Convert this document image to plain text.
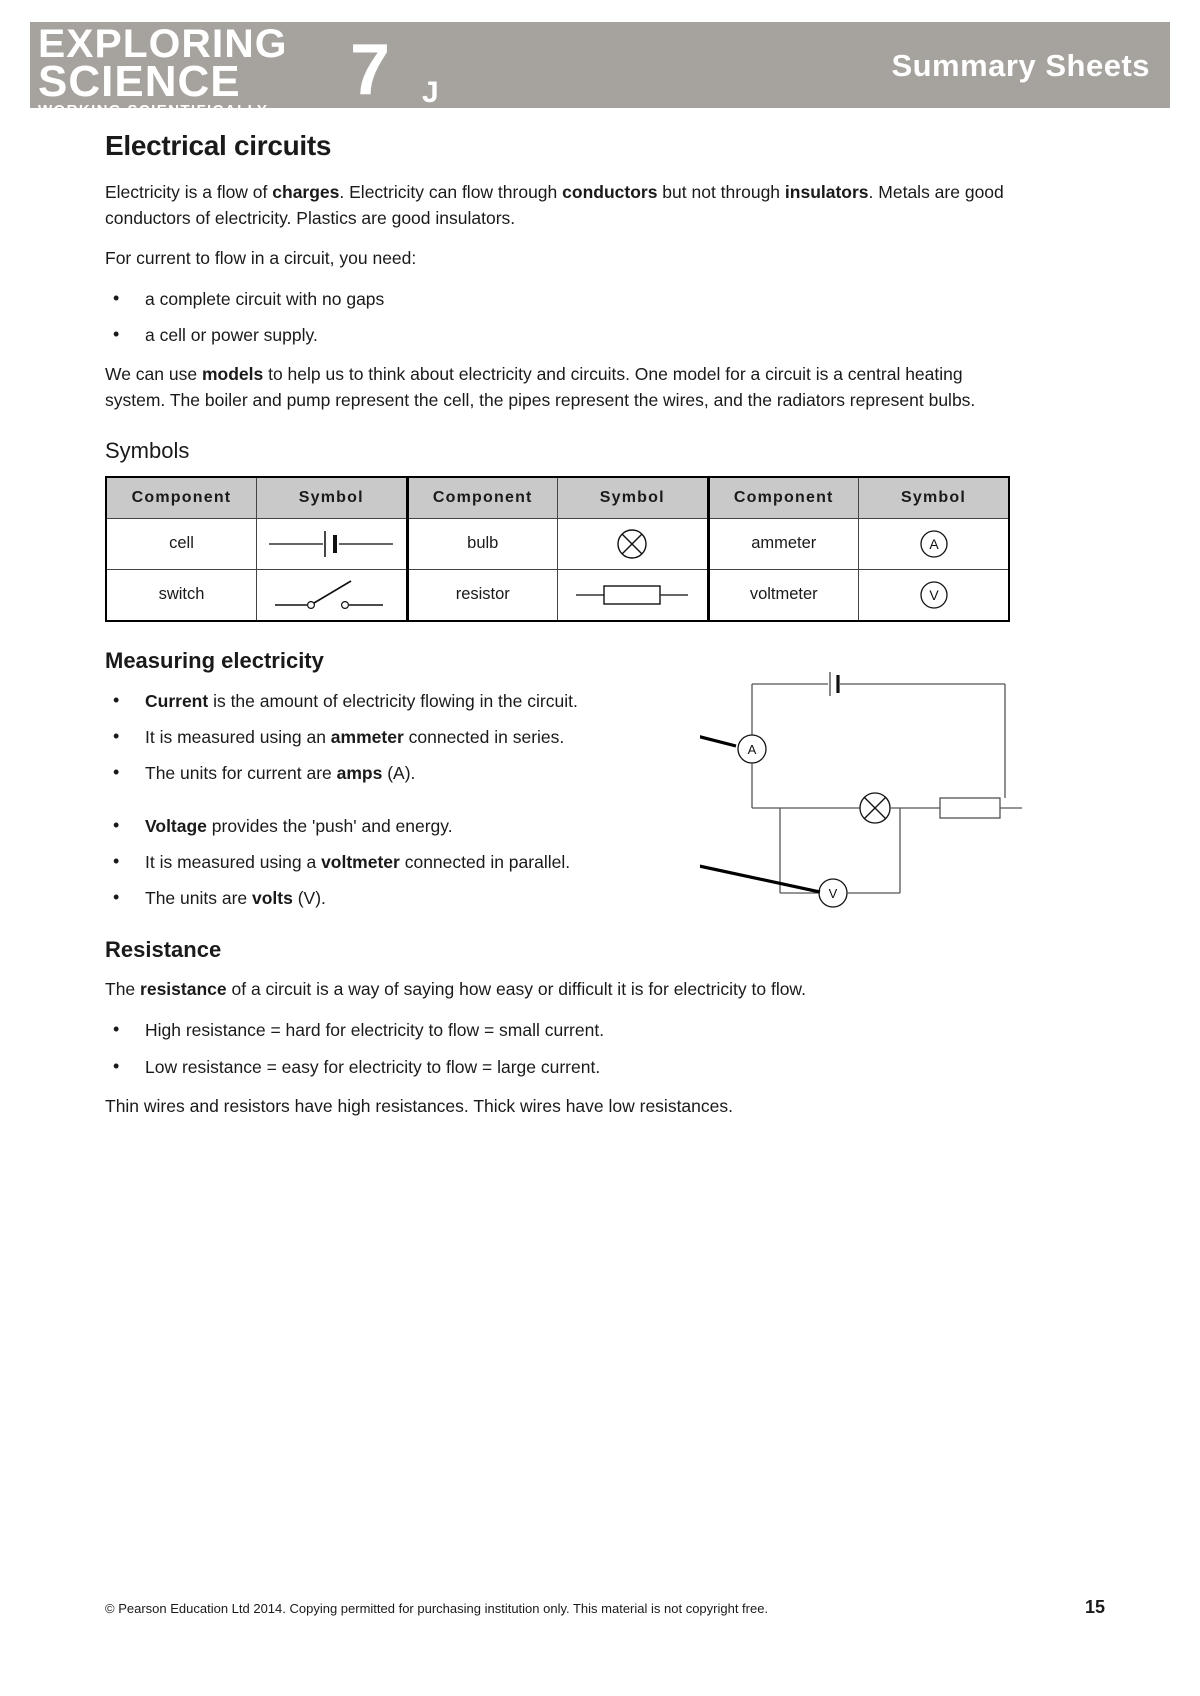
EXPLORING
SCIENCE
WORKING SCIENTIFICALLY
7 J
Summary Sheets
Electrical circuits

Electricity is a flow of charges. Electricity can flow through conductors but not through insulators. Metals are good conductors of electricity. Plastics are good insulators.

For current to flow in a circuit, you need:

• a complete circuit with no gaps
• a cell or power supply.

We can use models to help us to think about electricity and circuits. One model for a circuit is a central heating system. The boiler and pump represent the cell, the pipes represent the wires, and the radiators represent bulbs.

Symbols
Component	Symbol	Component	Symbol	Component	Symbol
cell		bulb		ammeter	A

switch		resistor		voltmeter	V
Measuring electricity
• Current is the amount of electricity flowing in the circuit.
• It is measured using an ammeter connected in series.
• The units for current are amps (A).
• Voltage provides the 'push' and energy.
• It is measured using a voltmeter connected in parallel.
• The units are volts (V).
Resistance

The resistance of a circuit is a way of saying how easy or difficult it is for electricity to flow.

• High resistance = hard for electricity to flow = small current.
• Low resistance = easy for electricity to flow = large current.

Thin wires and resistors have high resistances. Thick wires have low resistances.

A
V
© Pearson Education Ltd 2014. Copying permitted for purchasing institution only. This material is not copyright free.	15
